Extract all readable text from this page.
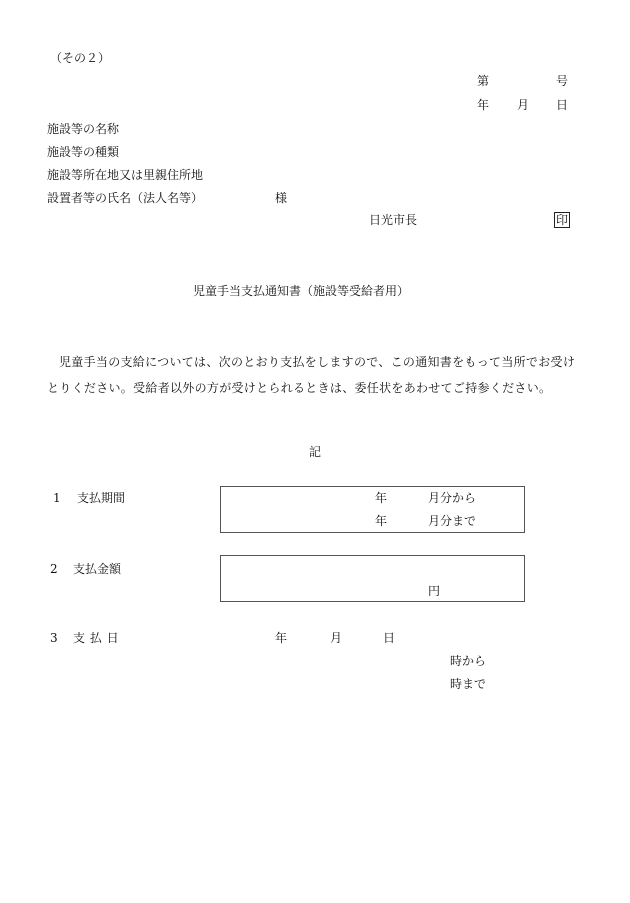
（その２）
第	号
年 月 日
施設等の名称
施設等の種類
施設等所在地又は里親住所地
設置者等の氏名（法人名等）	様
日光市長	印
児童手当支払通知書（施設等受給者用）
児童手当の支給については、次のとおり支払をしますので、この通知書をもって当所でお受けとりください。受給者以外の方が受けとられるときは、委任状をあわせてご持参ください。
記
1 支払期間	年	月分から
年	月分まで
2 支払金額
円
3 支 払 日	年	月	日
時から
時まで
